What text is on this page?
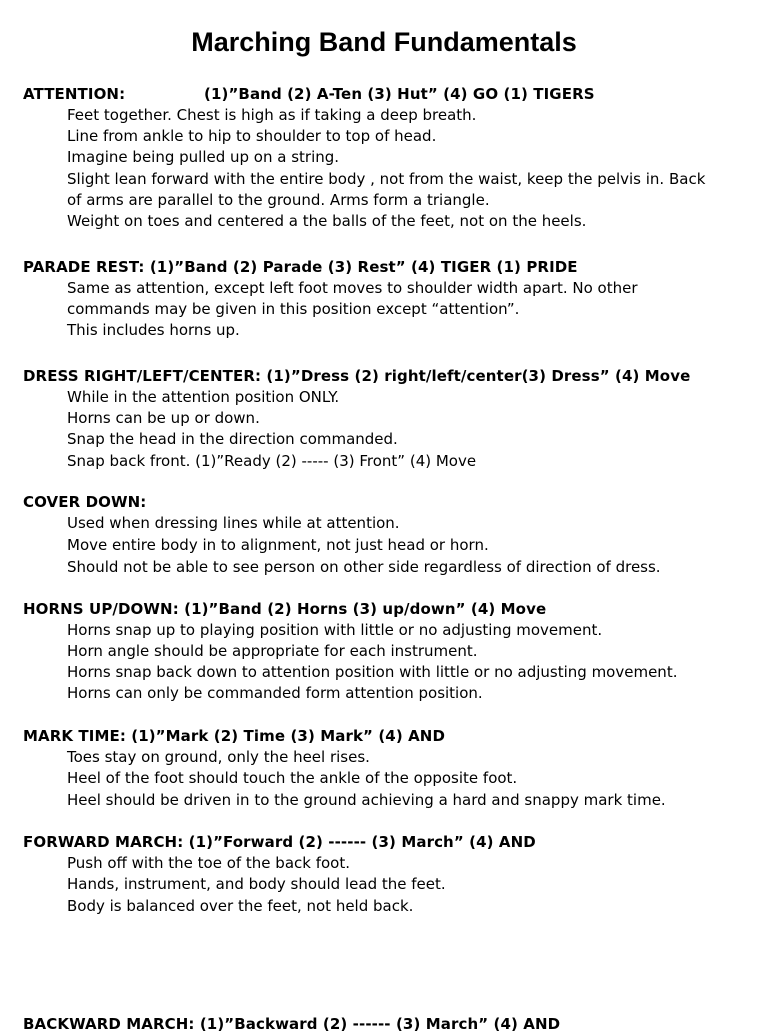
Marching Band Fundamentals
ATTENTION:	(1)”Band (2) A-Ten (3) Hut” (4) GO (1) TIGERS
Feet together. Chest is high as if taking a deep breath.
Line from ankle to hip to shoulder to top of head.
Imagine being pulled up on a string.
Slight lean forward with the entire body , not from the waist, keep the pelvis in. Back
of arms are parallel to the ground. Arms form a triangle.
Weight on toes and centered a the balls of the feet, not on the heels.
PARADE REST: (1)”Band (2) Parade (3) Rest” (4) TIGER (1) PRIDE
Same as attention, except left foot moves to shoulder width apart. No other
commands may be given in this position except “attention”.
This includes horns up.
DRESS RIGHT/LEFT/CENTER: (1)”Dress (2) right/left/center(3) Dress” (4) Move
While in the attention position ONLY.
Horns can be up or down.
Snap the head in the direction commanded.
Snap back front. (1)”Ready (2) ----- (3) Front” (4) Move
COVER DOWN:
Used when dressing lines while at attention.
Move entire body in to alignment, not just head or horn.
Should not be able to see person on other side regardless of direction of dress.
HORNS UP/DOWN: (1)”Band (2) Horns (3) up/down” (4) Move
Horns snap up to playing position with little or no adjusting movement.
Horn angle should be appropriate for each instrument.
Horns snap back down to attention position with little or no adjusting movement.
Horns can only be commanded form attention position.
MARK TIME: (1)”Mark (2) Time (3) Mark” (4) AND
Toes stay on ground, only the heel rises.
Heel of the foot should touch the ankle of the opposite foot.
Heel should be driven in to the ground achieving a hard and snappy mark time.
FORWARD MARCH: (1)”Forward (2) ------ (3) March” (4) AND
Push off with the toe of the back foot.
Hands, instrument, and body should lead the feet.
Body is balanced over the feet, not held back.
BACKWARD MARCH: (1)”Backward (2) ------ (3) March” (4) AND
